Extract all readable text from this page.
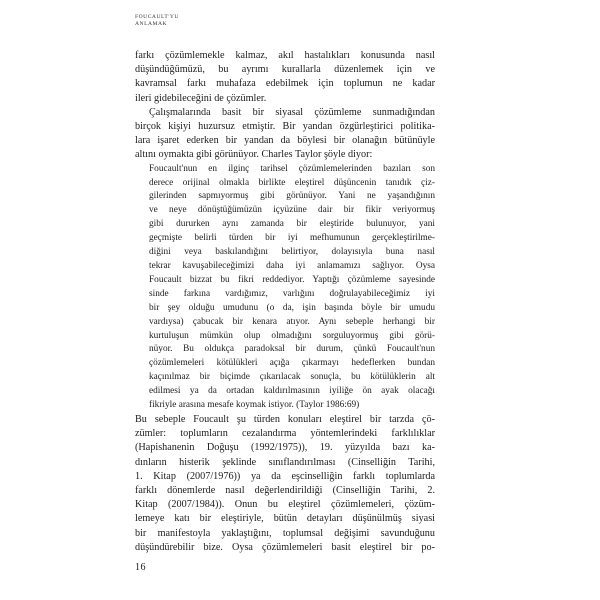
FOUCAULT'YU
ANLAMAK
farkı çözümlemekle kalmaz, akıl hastalıkları konusunda nasıl
düşündüğümüzü, bu ayrımı kurallarla düzenlemek için ve
kavramsal farkı muhafaza edebilmek için toplumun ne kadar
ileri gidebileceğini de çözümler.
Çalışmalarında basit bir siyasal çözümleme sunmadığından
birçok kişiyi huzursuz etmiştir. Bir yandan özgürleştirici politika-
lara işaret ederken bir yandan da böylesi bir olanağın bütünüyle
altını oymakta gibi görünüyor. Charles Taylor şöyle diyor:
Foucault'nun en ilginç tarihsel çözümlemelerinden bazıları son
derece orijinal olmakla birlikte eleştirel düşüncenin tanıdık çiz-
gilerinden sapmıyormuş gibi görünüyor. Yani ne yaşandığının
ve neye dönüştüğümüzün içyüzüne dair bir fikir veriyormuş
gibi dururken aynı zamanda bir eleştiride bulunuyor, yani
geçmişte belirli türden bir iyi mefhumunun gerçekleştirilme-
diğini veya baskılandığını belirtiyor, dolayısıyla buna nasıl
tekrar kavuşabileceğimizi daha iyi anlamamızı sağlıyor. Oysa
Foucault bizzat bu fikri reddediyor. Yaptığı çözümleme sayesinde
sinde farkına vardığımız, varlığını doğrulayabileceğimiz iyi
bir şey olduğu umudunu (o da, işin başında böyle bir umudu
vardıysa) çabucak bir kenara atıyor. Aynı sebeple herhangi bir
kurtuluşun mümkün olup olmadığını sorguluyormuş gibi görü-
nüyor. Bu oldukça paradoksal bir durum, çünkü Foucault'nun
çözümlemeleri kötülükleri açığa çıkarmayı hedeflerken bundan
kaçınılmaz bir biçimde çıkarılacak sonuçla, bu kötülüklerin alt
edilmesi ya da ortadan kaldırılmasının iyiliğe ön ayak olacağı
fikriyle arasına mesafe koymak istiyor. (Taylor 1986:69)
Bu sebeple Foucault şu türden konuları eleştirel bir tarzda çö-
zümler: toplumların cezalandırma yöntemlerindeki farklılıklar
(Hapishanenin Doğuşu (1992/1975)), 19. yüzyılda bazı ka-
dınların histerik şeklinde sınıflandırılması (Cinselliğin Tarihi,
1. Kitap (2007/1976)) ya da eşcinselliğin farklı toplumlarda
farklı dönemlerde nasıl değerlendirildiği (Cinselliğin Tarihi, 2.
Kitap (2007/1984)). Onun bu eleştirel çözümlemeleri, çözüm-
lemeye katı bir eleştiriyle, bütün detayları düşünülmüş siyasi
bir manifestoyla yaklaştığını, toplumsal değişimi savunduğunu
düşündürebilir bize. Oysa çözümlemeleri basit eleştirel bir po-
16
